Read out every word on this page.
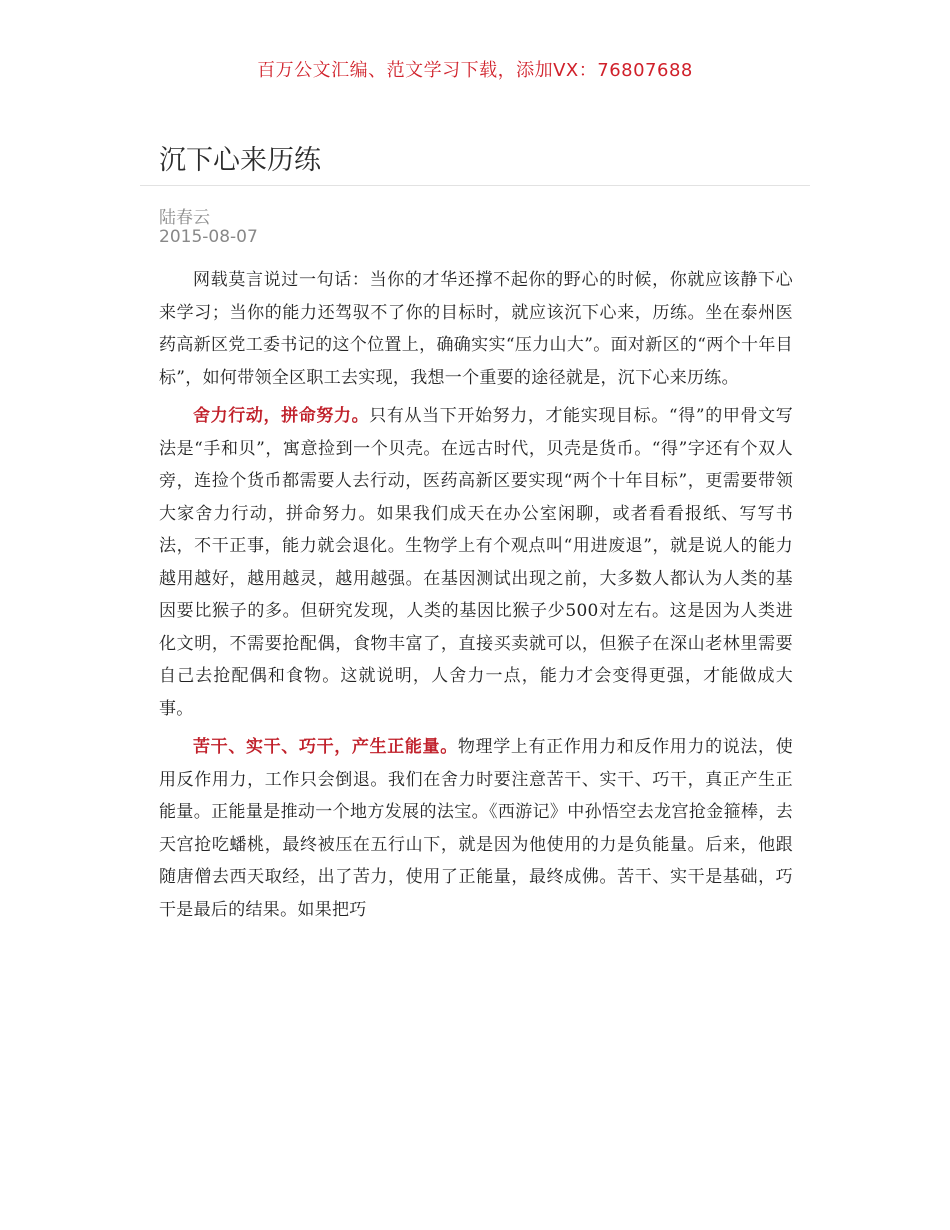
百万公文汇编、范文学习下载，添加VX：76807688
沉下心来历练
陆春云
2015-08-07

网载莫言说过一句话：当你的才华还撑不起你的野心的时候，你就应该静下心来学习；当你的能力还驾驭不了你的目标时，就应该沉下心来，历练。坐在泰州医药高新区党工委书记的这个位置上，确确实实“压力山大”。面对新区的“两个十年目标”，如何带领全区职工去实现，我想一个重要的途径就是，沉下心来历练。

舍力行动，拼命努力。只有从当下开始努力，才能实现目标。“得”的甲骨文写法是“手和贝”，寓意捡到一个贝壳。在远古时代，贝壳是货币。“得”字还有个双人旁，连捡个货币都需要人去行动，医药高新区要实现“两个十年目标”，更需要带领大家舍力行动，拼命努力。如果我们成天在办公室闲聊，或者看看报纸、写写书法，不干正事，能力就会退化。生物学上有个观点叫“用进废退”，就是说人的能力越用越好，越用越灵，越用越强。在基因测试出现之前，大多数人都认为人类的基因要比猴子的多。但研究发现，人类的基因比猴子少500对左右。这是因为人类进化文明，不需要抢配偶，食物丰富了，直接买卖就可以，但猴子在深山老林里需要自己去抢配偶和食物。这就说明，人舍力一点，能力才会变得更强，才能做成大事。

苦干、实干、巧干，产生正能量。物理学上有正作用力和反作用力的说法，使用反作用力，工作只会倒退。我们在舍力时要注意苦干、实干、巧干，真正产生正能量。正能量是推动一个地方发展的法宝。《西游记》中孙悟空去龙宫抢金箍棒，去天宫抢吃蟠桃，最终被压在五行山下，就是因为他使用的力是负能量。后来，他跟随唐僧去西天取经，出了苦力，使用了正能量，最终成佛。苦干、实干是基础，巧干是最后的结果。如果把巧
